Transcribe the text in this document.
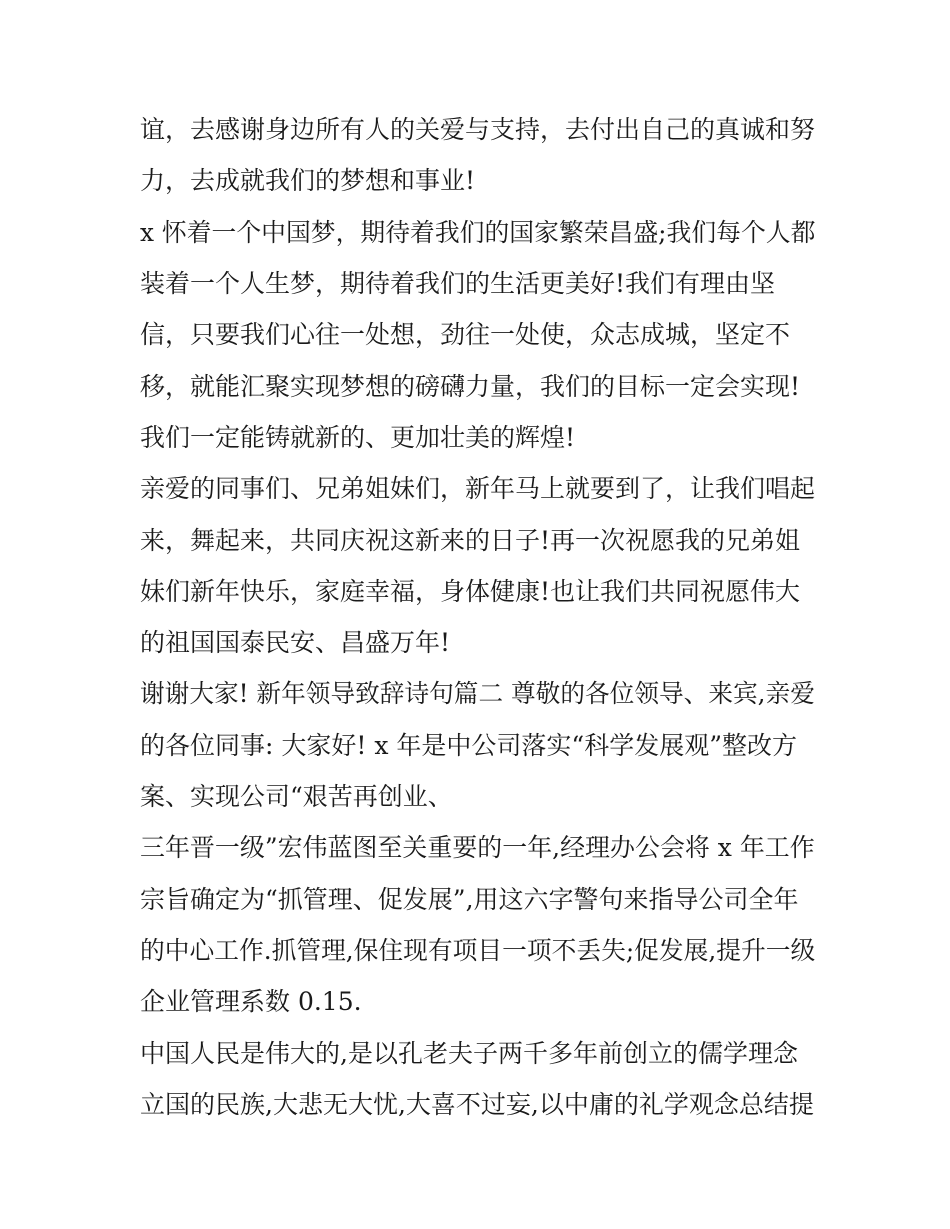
谊，去感谢身边所有人的关爱与支持，去付出自己的真诚和努

力，去成就我们的梦想和事业!

x 怀着一个中国梦，期待着我们的国家繁荣昌盛;我们每个人都

装着一个人生梦，期待着我们的生活更美好!我们有理由坚

信，只要我们心往一处想，劲往一处使，众志成城，坚定不

移，就能汇聚实现梦想的磅礴力量，我们的目标一定会实现!

我们一定能铸就新的、更加壮美的辉煌!

亲爱的同事们、兄弟姐妹们，新年马上就要到了，让我们唱起

来，舞起来，共同庆祝这新来的日子!再一次祝愿我的兄弟姐

妹们新年快乐，家庭幸福，身体健康!也让我们共同祝愿伟大

的祖国国泰民安、昌盛万年!

谢谢大家! 新年领导致辞诗句篇二 尊敬的各位领导、来宾,亲爱

的各位同事: 大家好! x 年是中公司落实“科学发展观”整改方

案、实现公司“艰苦再创业、

三年晋一级”宏伟蓝图至关重要的一年,经理办公会将 x 年工作

宗旨确定为“抓管理、促发展”,用这六字警句来指导公司全年

的中心工作.抓管理,保住现有项目一项不丢失;促发展,提升一级

企业管理系数 0.15.

中国人民是伟大的,是以孔老夫子两千多年前创立的儒学理念

立国的民族,大悲无大忧,大喜不过妄,以中庸的礼学观念总结提
